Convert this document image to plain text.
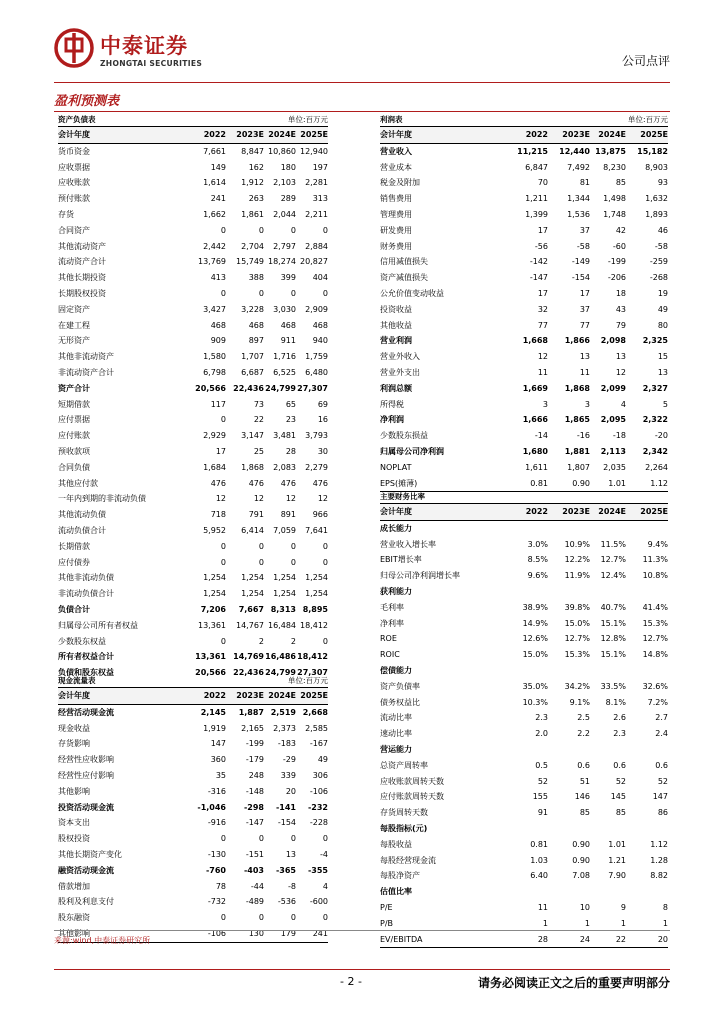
中泰证券
ZHONGTAI SECURITIES	公司点评
盈利预测表
资产负债表	单位:百万元
会计年度	2022	2023E 2024E 2025E
货币资金	7,661	8,847 10,860 12,940
应收票据	149	162	180	197
应收账款	1,614	1,912	2,103	2,281
预付账款	241	263	289	313
存货	1,662	1,861	2,044	2,211
合同资产	0	0	0	0
其他流动资产	2,442	2,704	2,797	2,884
流动资产合计	13,769	15,749 18,274 20,827
其他长期投资	413	388	399	404
长期股权投资	0	0	0	0
固定资产	3,427	3,228	3,030	2,909
在建工程	468	468	468	468
无形资产	909	897	911	940
其他非流动资产	1,580	1,707	1,716	1,759
非流动资产合计	6,798	6,687	6,525	6,480
资产合计	20,566 22,436 24,799 27,307
短期借款	117	73	65	69
应付票据	0	22	23	16
应付账款	2,929	3,147	3,481	3,793
预收款项	17	25	28	30
合同负债	1,684	1,868	2,083	2,279
其他应付款	476	476	476	476
一年内到期的非流动负债	12	12	12	12
其他流动负债	718	791	891	966
流动负债合计	5,952	6,414	7,059	7,641
长期借款	0	0	0	0
应付债券	0	0	0	0
其他非流动负债	1,254	1,254	1,254	1,254
非流动负债合计	1,254	1,254	1,254	1,254
负债合计	7,206	7,667 8,313 8,895
归属母公司所有者权益	13,361	14,767 16,484 18,412
少数股东权益	0	2	2	0
所有者权益合计	13,361 14,769 16,486 18,412
负债和股东权益	20,566 22,436 24,799 27,307
利润表	单位:百万元
会计年度	2022	2023E	2024E	2025E
营业收入	11,215	12,440 13,875	15,182
营业成本	6,847	7,492	8,230	8,903
税金及附加	70	81	85	93
销售费用	1,211	1,344	1,498	1,632
管理费用	1,399	1,536	1,748	1,893
研发费用	17	37	42	46
财务费用	-56	-58	-60	-58
信用减值损失	-142	-149	-199	-259
资产减值损失	-147	-154	-206	-268
公允价值变动收益	17	17	18	19
投资收益	32	37	43	49
其他收益	77	77	79	80
营业利润	1,668	1,866	2,098	2,325
营业外收入	12	13	13	15
营业外支出	11	11	12	13
利润总额	1,669	1,868	2,099	2,327
所得税	3	3	4	5
净利润	1,666	1,865	2,095	2,322
少数股东损益	-14	-16	-18	-20
归属母公司净利润	1,680	1,881	2,113	2,342
NOPLAT	1,611	1,807	2,035	2,264
EPS(摊薄)	0.81	0.90	1.01	1.12
主要财务比率
会计年度	2022	2023E	2024E	2025E
成长能力
营业收入增长率	3.0%	10.9%	11.5%	9.4%
EBIT增长率	8.5%	12.2%	12.7%	11.3%
归母公司净利润增长率	9.6%	11.9%	12.4%	10.8%
获利能力
毛利率	38.9%	39.8%	40.7%	41.4%
净利率	14.9%	15.0%	15.1%	15.3%
ROE	12.6%	12.7%	12.8%	12.7%
ROIC	15.0%	15.3%	15.1%	14.8%
偿债能力
资产负债率	35.0%	34.2%	33.5%	32.6%
债务权益比	10.3%	9.1%	8.1%	7.2%
流动比率	2.3	2.5	2.6	2.7
速动比率	2.0	2.2	2.3	2.4
营运能力
总资产周转率	0.5	0.6	0.6	0.6
应收账款周转天数	52	51	52	52
应付账款周转天数	155	146	145	147
存货周转天数	91	85	85	86
每股指标(元)
每股收益	0.81	0.90	1.01	1.12
每股经营现金流	1.03	0.90	1.21	1.28
每股净资产	6.40	7.08	7.90	8.82
估值比率
P/E	11	10	9	8
P/B	1	1	1	1
EV/EBITDA	28	24	22	20
现金流量表	单位:百万元
会计年度	2022	2023E 2024E 2025E
经营活动现金流	2,145	1,887 2,519 2,668
现金收益	1,919	2,165	2,373	2,585
存货影响	147	-199	-183	-167
经营性应收影响	360	-179	-29	49
经营性应付影响	35	248	339	306
其他影响	-316	-148	20	-106
投资活动现金流	-1,046	-298	-141	-232
资本支出	-916	-147	-154	-228
股权投资	0	0	0	0
其他长期资产变化	-130	-151	13	-4
融资活动现金流	-760	-403	-365	-355
借款增加	78	-44	-8	4
股利及利息支付	-732	-489	-536	-600
股东融资	0	0	0	0
其他影响	-106	130	179	241
来源:wind,中泰证券研究所
- 2 -	请务必阅读正文之后的重要声明部分
